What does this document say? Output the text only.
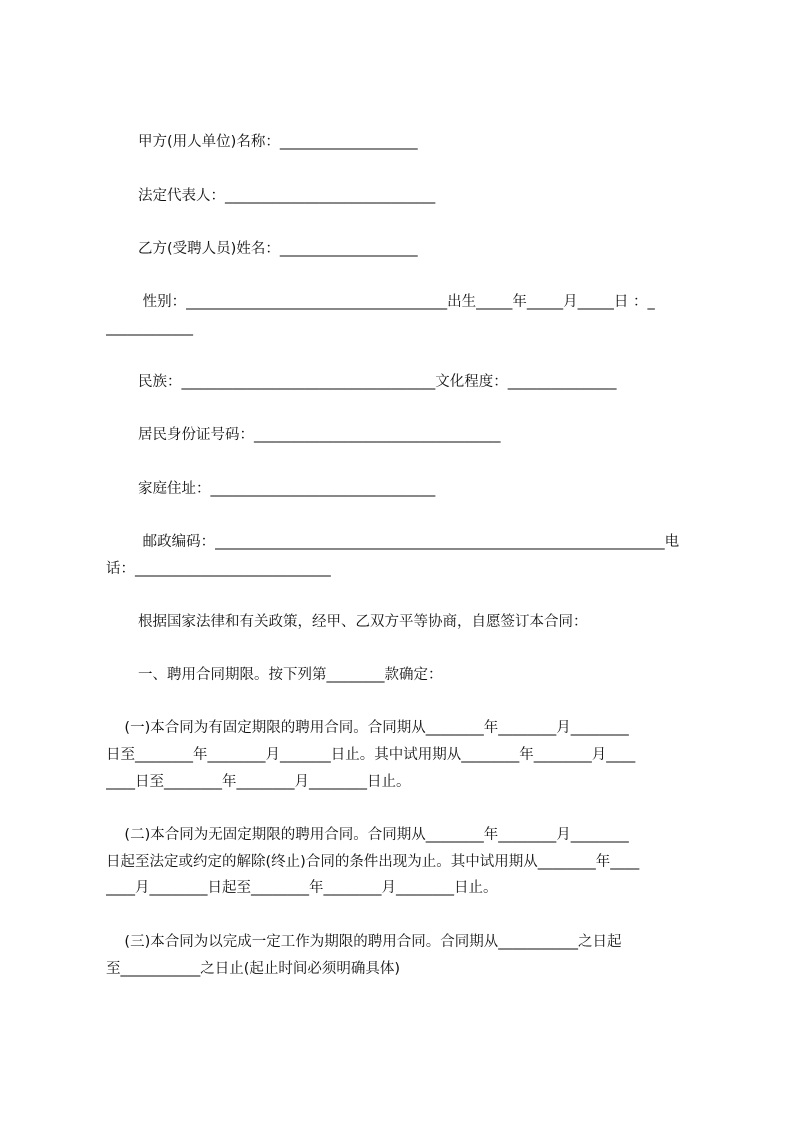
甲方(用人单位)名称：___________________
法定代表人：_____________________________
乙方(受聘人员)姓名：___________________
性别：____________________________________出生_____年_____月_____日 ：_
____________
民族：___________________________________文化程度：_______________
居民身份证号码：__________________________________
家庭住址：_______________________________
邮政编码：______________________________________________________________电
话：___________________________
根据国家法律和有关政策，经甲、乙双方平等协商，自愿签订本合同：
一、聘用合同期限。按下列第________款确定：
(一)本合同为有固定期限的聘用合同。合同期从________年________月________
日至________年________月_______日止。其中试用期从________年________月____
____日至________年________月________日止。
(二)本合同为无固定期限的聘用合同。合同期从________年________月________
日起至法定或约定的解除(终止)合同的条件出现为止。其中试用期从________年____
____月________日起至________年________月________日止。
(三)本合同为以完成一定工作为期限的聘用合同。合同期从___________之日起
至___________之日止(起止时间必须明确具体)
